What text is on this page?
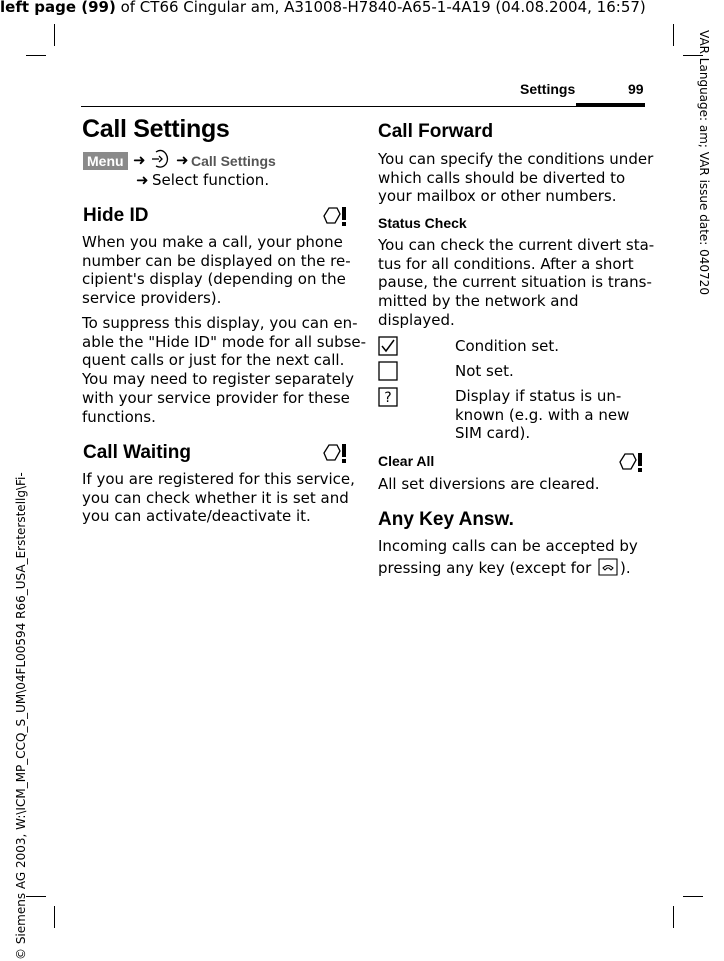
left page (99) of CT66 Cingular am, A31008-H7840-A65-1-4A19 (04.08.2004, 16:57)
VAR Language: am; VAR issue date: 040720
© Siemens AG 2003, W:\ICM_MP_CCQ_S_UM\04FL00594 R66_USA_Ersterstellg\Fi-
Settings	99
Call Settings
Menu ➜ ➜ Call Settings
➜ Select function.
Hide ID
When you make a call, your phone
number can be displayed on the re-
cipient's display (depending on the
service providers).
To suppress this display, you can en-
able the "Hide ID" mode for all subse-
quent calls or just for the next call.
You may need to register separately
with your service provider for these
functions.
Call Waiting
If you are registered for this service,
you can check whether it is set and
you can activate/deactivate it.
Call Forward
You can specify the conditions under
which calls should be diverted to
your mailbox or other numbers.
Status Check
You can check the current divert sta-
tus for all conditions. After a short
pause, the current situation is trans-
mitted by the network and
displayed.
Condition set.
Not set.
?	Display if status is un-
known (e.g. with a new
SIM card).
Clear All
All set diversions are cleared.
Any Key Answ.
Incoming calls can be accepted by
pressing any key (except for ).
